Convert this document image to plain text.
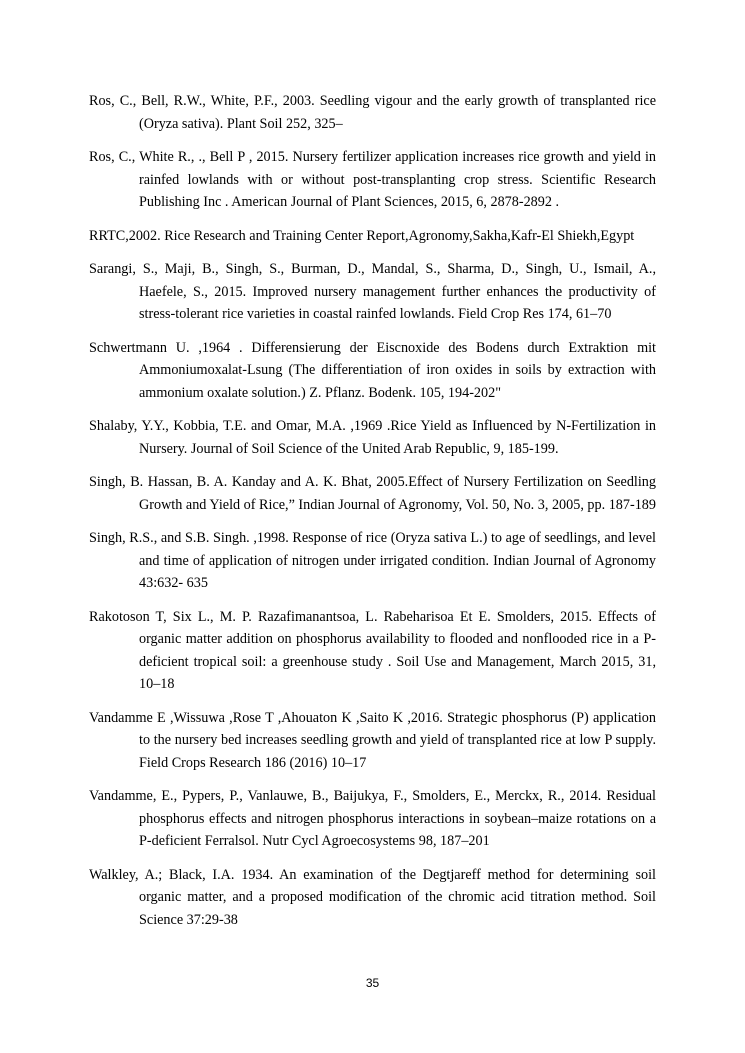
Ros, C., Bell, R.W., White, P.F., 2003. Seedling vigour and the early growth of transplanted rice (Oryza sativa). Plant Soil 252, 325–
Ros, C., White R., ., Bell P , 2015. Nursery fertilizer application increases rice growth and yield in rainfed lowlands with or without post-transplanting crop stress. Scientific Research Publishing Inc . American Journal of Plant Sciences, 2015, 6, 2878-2892 .
RRTC,2002. Rice Research and Training Center Report,Agronomy,Sakha,Kafr-El Shiekh,Egypt
Sarangi, S., Maji, B., Singh, S., Burman, D., Mandal, S., Sharma, D., Singh, U., Ismail, A., Haefele, S., 2015. Improved nursery management further enhances the productivity of stress-tolerant rice varieties in coastal rainfed lowlands. Field Crop Res 174, 61–70
Schwertmann U. ,1964 . Differensierung der Eiscnoxide des Bodens durch Extraktion mit Ammoniumoxalat-Lsung (The differentiation of iron oxides in soils by extraction with ammonium oxalate solution.) Z. Pflanz. Bodenk. 105, 194-202"
Shalaby, Y.Y., Kobbia, T.E. and Omar, M.A. ,1969 .Rice Yield as Influenced by N-Fertilization in Nursery. Journal of Soil Science of the United Arab Republic, 9, 185-199.
Singh, B. Hassan, B. A. Kanday and A. K. Bhat, 2005.Effect of Nursery Fertilization on Seedling Growth and Yield of Rice,” Indian Journal of Agronomy, Vol. 50, No. 3, 2005, pp. 187-189
Singh, R.S., and S.B. Singh. ,1998. Response of rice (Oryza sativa L.) to age of seedlings, and level and time of application of nitrogen under irrigated condition. Indian Journal of Agronomy 43:632- 635
Rakotoson T, Six L., M. P. Razafimanantsoa, L. Rabeharisoa Et E. Smolders, 2015. Effects of organic matter addition on phosphorus availability to flooded and nonflooded rice in a P-deficient tropical soil: a greenhouse study . Soil Use and Management, March 2015, 31, 10–18
Vandamme E ,Wissuwa ,Rose T ,Ahouaton K ,Saito K ,2016. Strategic phosphorus (P) application to the nursery bed increases seedling growth and yield of transplanted rice at low P supply. Field Crops Research 186 (2016) 10–17
Vandamme, E., Pypers, P., Vanlauwe, B., Baijukya, F., Smolders, E., Merckx, R., 2014. Residual phosphorus effects and nitrogen phosphorus interactions in soybean–maize rotations on a P-deficient Ferralsol. Nutr Cycl Agroecosystems 98, 187–201
Walkley, A.; Black, I.A. 1934. An examination of the Degtjareff method for determining soil organic matter, and a proposed modification of the chromic acid titration method. Soil Science 37:29-38
35
